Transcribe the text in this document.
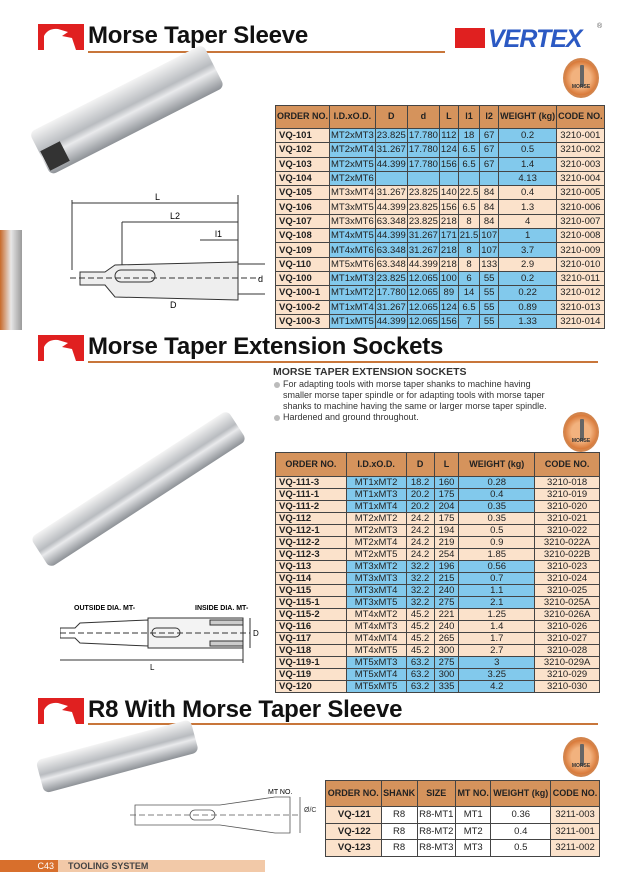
Morse Taper Sleeve	VERTEX ®
MORSE
L
L2
l1
d
D
ORDER NO.	I.D.xO.D.	D	d	L	l1	l2	WEIGHT (kg)	CODE NO.
VQ-101	MT2xMT3	23.825	17.780	112	18	67	0.2	3210-001
VQ-102	MT2xMT4	31.267	17.780	124	6.5	67	0.5	3210-002
VQ-103	MT2xMT5	44.399	17.780	156	6.5	67	1.4	3210-003
VQ-104	MT2xMT6						4.13	3210-004
VQ-105	MT3xMT4	31.267	23.825	140	22.5	84	0.4	3210-005
VQ-106	MT3xMT5	44.399	23.825	156	6.5	84	1.3	3210-006
VQ-107	MT3xMT6	63.348	23.825	218	8	84	4	3210-007
VQ-108	MT4xMT5	44.399	31.267	171	21.5	107	1	3210-008
VQ-109	MT4xMT6	63.348	31.267	218	8	107	3.7	3210-009
VQ-110	MT5xMT6	63.348	44.399	218	8	133	2.9	3210-010
VQ-100	MT1xMT3	23.825	12.065	100	6	55	0.2	3210-011
VQ-100-1	MT1xMT2	17.780	12.065	89	14	55	0.22	3210-012
VQ-100-2	MT1xMT4	31.267	12.065	124	6.5	55	0.89	3210-013
VQ-100-3	MT1xMT5	44.399	12.065	156	7	55	1.33	3210-014
Morse Taper Extension Sockets
MORSE TAPER EXTENSION SOCKETS
For adapting tools with morse taper shanks to machine having smaller morse taper spindle or for adapting tools with morse taper shanks to machine having the same or larger morse taper spindle.
Hardened and ground throughout.
MORSE
OUTSIDE DIA. MT-	INSIDE DIA. MT-
D
L
ORDER NO.	I.D.xO.D.	D	L	WEIGHT (kg)	CODE NO.
VQ-111-3	MT1xMT2	18.2	160	0.28	3210-018
VQ-111-1	MT1xMT3	20.2	175	0.4	3210-019
VQ-111-2	MT1xMT4	20.2	204	0.35	3210-020
VQ-112	MT2xMT2	24.2	175	0.35	3210-021
VQ-112-1	MT2xMT3	24.2	194	0.5	3210-022
VQ-112-2	MT2xMT4	24.2	219	0.9	3210-022A
VQ-112-3	MT2xMT5	24.2	254	1.85	3210-022B
VQ-113	MT3xMT2	32.2	196	0.56	3210-023
VQ-114	MT3xMT3	32.2	215	0.7	3210-024
VQ-115	MT3xMT4	32.2	240	1.1	3210-025
VQ-115-1	MT3xMT5	32.2	275	2.1	3210-025A
VQ-115-2	MT4xMT2	45.2	221	1.25	3210-026A
VQ-116	MT4xMT3	45.2	240	1.4	3210-026
VQ-117	MT4xMT4	45.2	265	1.7	3210-027
VQ-118	MT4xMT5	45.2	300	2.7	3210-028
VQ-119-1	MT5xMT3	63.2	275	3	3210-029A
VQ-119	MT5xMT4	63.2	300	3.25	3210-029
VQ-120	MT5xMT5	63.2	335	4.2	3210-030
R8 With Morse Taper Sleeve
MORSE
MT NO.
Ø/C
ORDER NO.	SHANK	SIZE	MT NO.	WEIGHT (kg)	CODE NO.
VQ-121	R8	R8-MT1	MT1	0.36	3211-003
VQ-122	R8	R8-MT2	MT2	0.4	3211-001
VQ-123	R8	R8-MT3	MT3	0.5	3211-002
C43	TOOLING SYSTEM
